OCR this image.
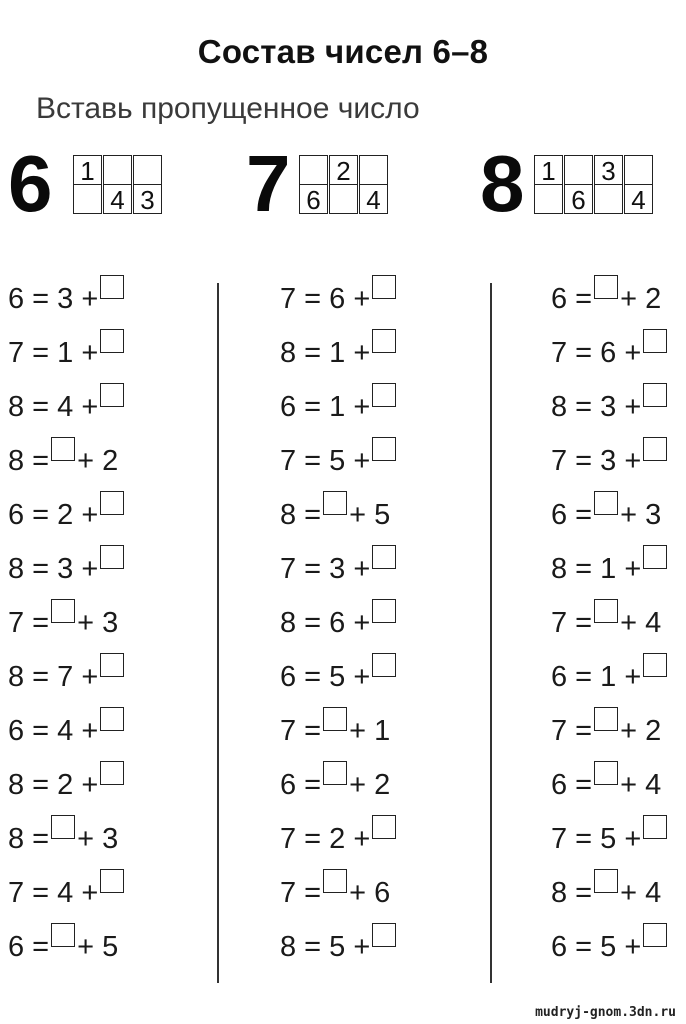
Состав чисел 6–8
Вставь пропущенное число
6 1
4 3 7 6
2
4 8 1
6
3
4
6 = 3 +
7 = 1 +
8 = 4 +
8 = + 2
6 = 2 +
8 = 3 +
7 = + 3
8 = 7 +
6 = 4 +
8 = 2 +
8 = + 3
7 = 4 +
6 = + 5
7 = 6 +
8 = 1 +
6 = 1 +
7 = 5 +
8 = + 5
7 = 3 +
8 = 6 +
6 = 5 +
7 = + 1
6 = + 2
7 = 2 +
7 = + 6
8 = 5 +
6 = + 2
7 = 6 +
8 = 3 +
7 = 3 +
6 = + 3
8 = 1 +
7 = + 4
6 = 1 +
7 = + 2
6 = + 4
7 = 5 +
8 = + 4
6 = 5 +
mudryj-gnom.3dn.ru
